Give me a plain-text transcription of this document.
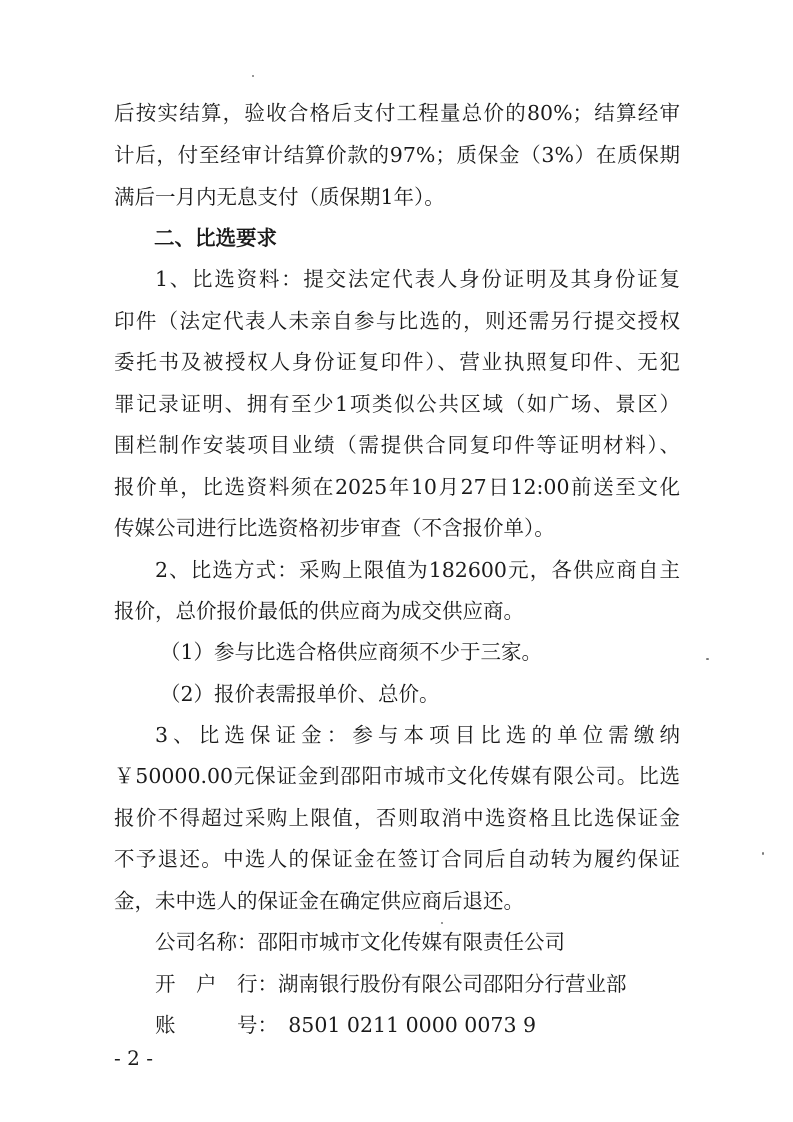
后按实结算，验收合格后支付工程量总价的80%；结算经审
计后，付至经审计结算价款的97%；质保金（3%）在质保期
满后一月内无息支付（质保期1年）。
二、比选要求
1、比选资料：提交法定代表人身份证明及其身份证复
印件（法定代表人未亲自参与比选的，则还需另行提交授权
委托书及被授权人身份证复印件）、营业执照复印件、无犯
罪记录证明、拥有至少1项类似公共区域（如广场、景区）
围栏制作安装项目业绩（需提供合同复印件等证明材料）、
报价单，比选资料须在2025年10月27日12:00前送至文化
传媒公司进行比选资格初步审查（不含报价单）。
2、比选方式：采购上限值为182600元，各供应商自主
报价，总价报价最低的供应商为成交供应商。
（1）参与比选合格供应商须不少于三家。
（2）报价表需报单价、总价。
3、比选保证金：参与本项目比选的单位需缴纳
￥50000.00元保证金到邵阳市城市文化传媒有限公司。比选
报价不得超过采购上限值，否则取消中选资格且比选保证金
不予退还。中选人的保证金在签订合同后自动转为履约保证
金，未中选人的保证金在确定供应商后退还。
公司名称：邵阳市城市文化传媒有限责任公司
开　户　行：湖南银行股份有限公司邵阳分行营业部
账　　　号：　8501 0211 0000 0073 9
- 2 -
